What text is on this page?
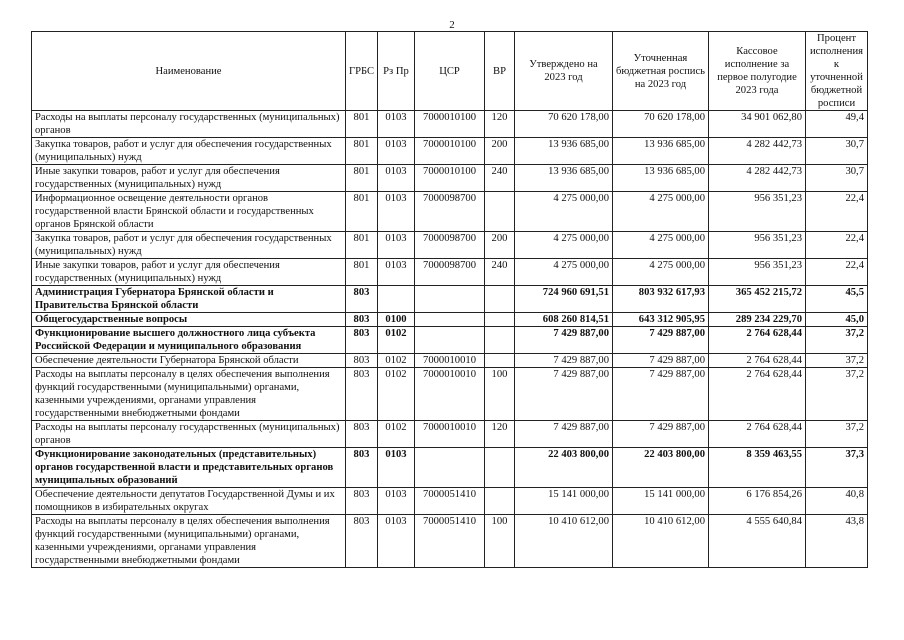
2
Наименование	ГРБС	Рз Пр	ЦСР	ВР	Утверждено на 2023 год	Уточненная бюджетная роспись на 2023 год	Кассовое исполнение за первое полугодие 2023 года	Процент исполнения к уточненной бюджетной росписи
Расходы на выплаты персоналу государственных (муниципальных) органов	801	0103	7000010100	120	70 620 178,00	70 620 178,00	34 901 062,80	49,4
Закупка товаров, работ и услуг для обеспечения государственных (муниципальных) нужд	801	0103	7000010100	200	13 936 685,00	13 936 685,00	4 282 442,73	30,7
Иные закупки товаров, работ и услуг для обеспечения государственных (муниципальных) нужд	801	0103	7000010100	240	13 936 685,00	13 936 685,00	4 282 442,73	30,7
Информационное освещение деятельности органов государственной власти Брянской области и государственных органов Брянской области	801	0103	7000098700		4 275 000,00	4 275 000,00	956 351,23	22,4
Закупка товаров, работ и услуг для обеспечения государственных (муниципальных) нужд	801	0103	7000098700	200	4 275 000,00	4 275 000,00	956 351,23	22,4
Иные закупки товаров, работ и услуг для обеспечения государственных (муниципальных) нужд	801	0103	7000098700	240	4 275 000,00	4 275 000,00	956 351,23	22,4
Администрация Губернатора Брянской области и Правительства Брянской области	803				724 960 691,51	803 932 617,93	365 452 215,72	45,5
Общегосударственные вопросы	803	0100			608 260 814,51	643 312 905,95	289 234 229,70	45,0
Функционирование высшего должностного лица субъекта Российской Федерации и муниципального образования	803	0102			7 429 887,00	7 429 887,00	2 764 628,44	37,2
Обеспечение деятельности Губернатора Брянской области	803	0102	7000010010		7 429 887,00	7 429 887,00	2 764 628,44	37,2
Расходы на выплаты персоналу в целях обеспечения выполнения функций государственными (муниципальными) органами, казенными учреждениями, органами управления государственными внебюджетными фондами	803	0102	7000010010	100	7 429 887,00	7 429 887,00	2 764 628,44	37,2
Расходы на выплаты персоналу государственных (муниципальных) органов	803	0102	7000010010	120	7 429 887,00	7 429 887,00	2 764 628,44	37,2
Функционирование законодательных (представительных) органов государственной власти и представительных органов муниципальных образований	803	0103			22 403 800,00	22 403 800,00	8 359 463,55	37,3
Обеспечение деятельности депутатов Государственной Думы и их помощников в избирательных округах	803	0103	7000051410		15 141 000,00	15 141 000,00	6 176 854,26	40,8
Расходы на выплаты персоналу в целях обеспечения выполнения функций государственными (муниципальными) органами, казенными учреждениями, органами управления государственными внебюджетными фондами	803	0103	7000051410	100	10 410 612,00	10 410 612,00	4 555 640,84	43,8
